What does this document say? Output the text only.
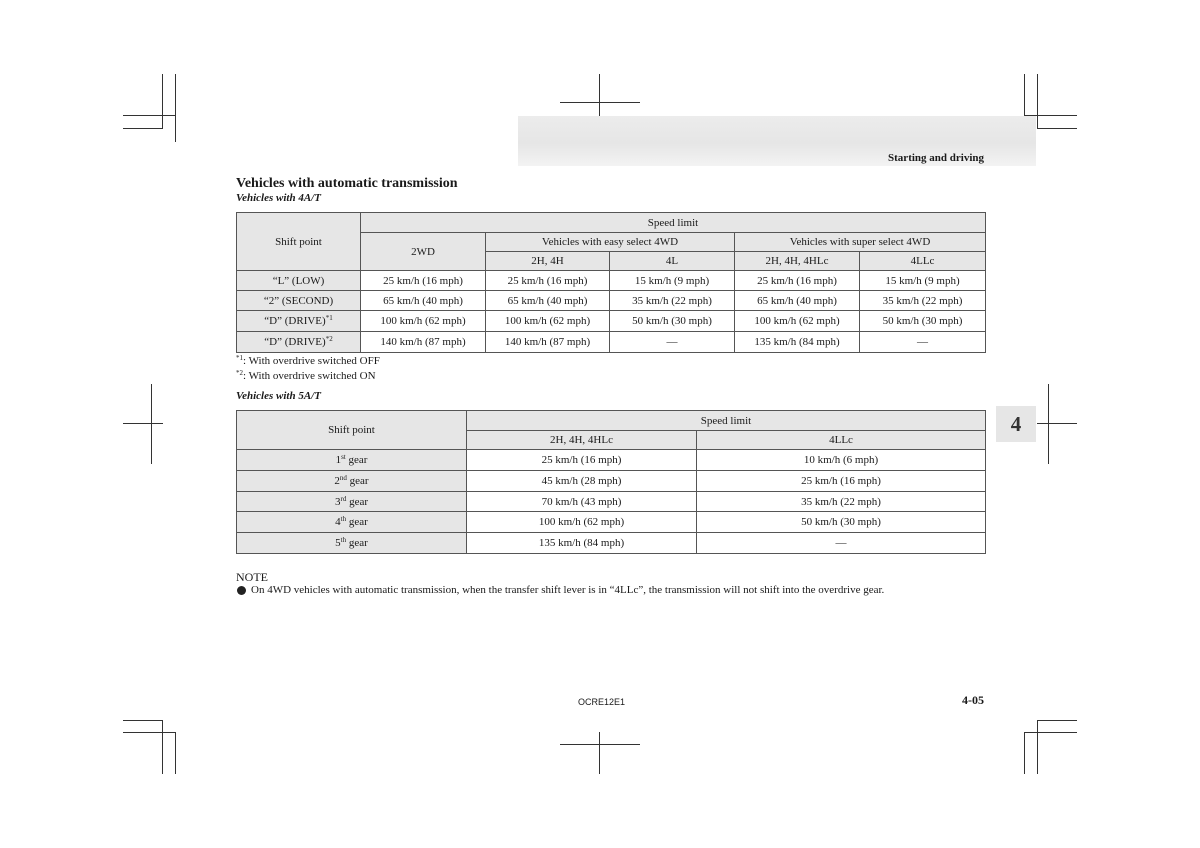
Starting and driving
4
Vehicles with automatic transmission
Vehicles with 4A/T
Shift point	Speed limit				
	2WD	Vehicles with easy select 4WD		Vehicles with super select 4WD	
		2H, 4H	4L	2H, 4H, 4HLc	4LLc
“L” (LOW)	25 km/h (16 mph)	25 km/h (16 mph)	15 km/h (9 mph)	25 km/h (16 mph)	15 km/h (9 mph)
“2” (SECOND)	65 km/h (40 mph)	65 km/h (40 mph)	35 km/h (22 mph)	65 km/h (40 mph)	35 km/h (22 mph)
“D” (DRIVE)$^{*1}$	100 km/h (62 mph)	100 km/h (62 mph)	50 km/h (30 mph)	100 km/h (62 mph)	50 km/h (30 mph)
“D” (DRIVE)$^{*2}$	140 km/h (87 mph)	140 km/h (87 mph)	—	135 km/h (84 mph)	—
$^{*1}$: With overdrive switched OFF
$^{*2}$: With overdrive switched ON
Vehicles with 5A/T
Shift point	Speed limit	
	2H, 4H, 4HLc	4LLc
1st gear	25 km/h (16 mph)	10 km/h (6 mph)
2nd gear	45 km/h (28 mph)	25 km/h (16 mph)
3rd gear	70 km/h (43 mph)	35 km/h (22 mph)
4th gear	100 km/h (62 mph)	50 km/h (30 mph)
5th gear	135 km/h (84 mph)	—
NOTE
On 4WD vehicles with automatic transmission, when the transfer shift lever is in “4LLc”, the transmission will not shift into the overdrive gear.
OCRE12E1	4-05
